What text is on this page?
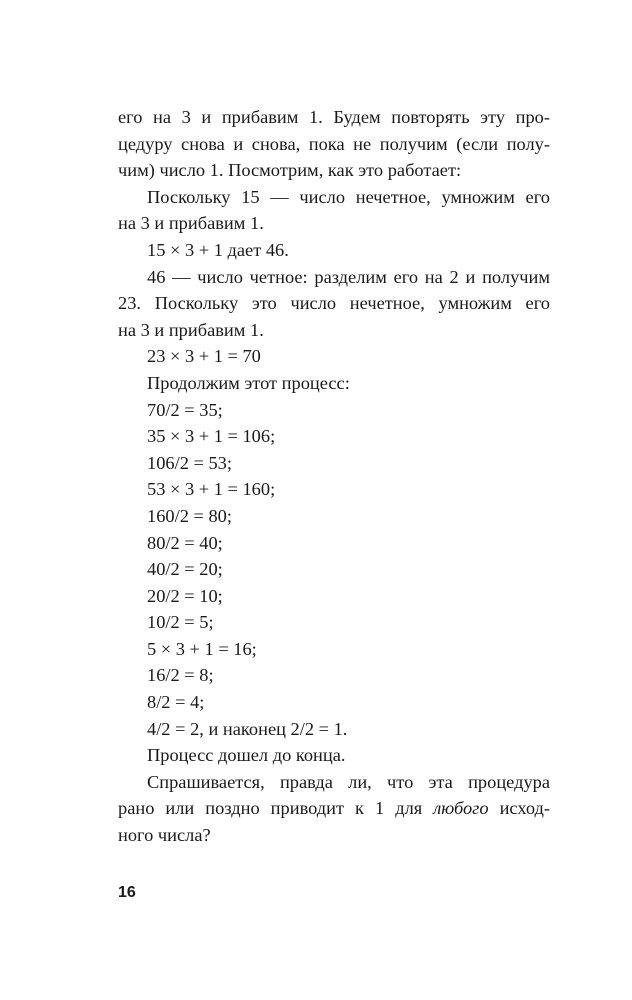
его на 3 и прибавим 1. Будем повторять эту про-
цедуру снова и снова, пока не получим (если полу-
чим) число 1. Посмотрим, как это работает:
Поскольку 15 — число нечетное, умножим его
на 3 и прибавим 1.
15 × 3 + 1 дает 46.
46 — число четное: разделим его на 2 и получим
23. Поскольку это число нечетное, умножим его
на 3 и прибавим 1.
23 × 3 + 1 = 70
Продолжим этот процесс:
70/2 = 35;
35 × 3 + 1 = 106;
106/2 = 53;
53 × 3 + 1 = 160;
160/2 = 80;
80/2 = 40;
40/2 = 20;
20/2 = 10;
10/2 = 5;
5 × 3 + 1 = 16;
16/2 = 8;
8/2 = 4;
4/2 = 2, и наконец 2/2 = 1.
Процесс дошел до конца.
Спрашивается, правда ли, что эта процедура
рано или поздно приводит к 1 для любого исход-
ного числа?
16
